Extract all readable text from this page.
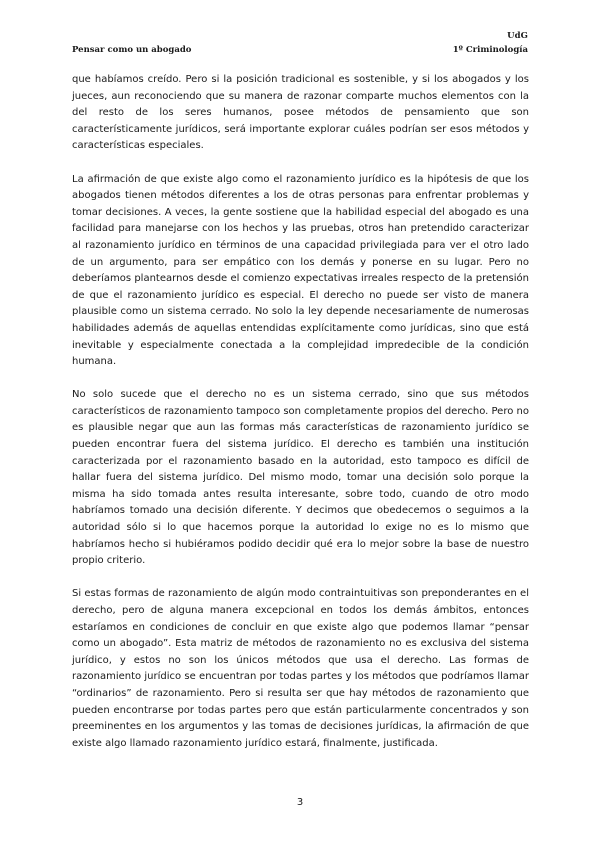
UdG
Pensar como un abogado	1º Criminología

que habíamos creído. Pero si la posición tradicional es sostenible, y si los abogados y los jueces, aun reconociendo que su manera de razonar comparte muchos elementos con la del resto de los seres humanos, posee métodos de pensamiento que son característicamente jurídicos, será importante explorar cuáles podrían ser esos métodos y características especiales.

La afirmación de que existe algo como el razonamiento jurídico es la hipótesis de que los abogados tienen métodos diferentes a los de otras personas para enfrentar problemas y tomar decisiones. A veces, la gente sostiene que la habilidad especial del abogado es una facilidad para manejarse con los hechos y las pruebas, otros han pretendido caracterizar al razonamiento jurídico en términos de una capacidad privilegiada para ver el otro lado de un argumento, para ser empático con los demás y ponerse en su lugar. Pero no deberíamos plantearnos desde el comienzo expectativas irreales respecto de la pretensión de que el razonamiento jurídico es especial. El derecho no puede ser visto de manera plausible como un sistema cerrado. No solo la ley depende necesariamente de numerosas habilidades además de aquellas entendidas explícitamente como jurídicas, sino que está inevitable y especialmente conectada a la complejidad impredecible de la condición humana.

No solo sucede que el derecho no es un sistema cerrado, sino que sus métodos característicos de razonamiento tampoco son completamente propios del derecho. Pero no es plausible negar que aun las formas más características de razonamiento jurídico se pueden encontrar fuera del sistema jurídico. El derecho es también una institución caracterizada por el razonamiento basado en la autoridad, esto tampoco es difícil de hallar fuera del sistema jurídico. Del mismo modo, tomar una decisión solo porque la misma ha sido tomada antes resulta interesante, sobre todo, cuando de otro modo habríamos tomado una decisión diferente. Y decimos que obedecemos o seguimos a la autoridad sólo si lo que hacemos porque la autoridad lo exige no es lo mismo que habríamos hecho si hubiéramos podido decidir qué era lo mejor sobre la base de nuestro propio criterio.

Si estas formas de razonamiento de algún modo contraintuitivas son preponderantes en el derecho, pero de alguna manera excepcional en todos los demás ámbitos, entonces estaríamos en condiciones de concluir en que existe algo que podemos llamar “pensar como un abogado”. Esta matriz de métodos de razonamiento no es exclusiva del sistema jurídico, y estos no son los únicos métodos que usa el derecho. Las formas de razonamiento jurídico se encuentran por todas partes y los métodos que podríamos llamar “ordinarios” de razonamiento. Pero si resulta ser que hay métodos de razonamiento que pueden encontrarse por todas partes pero que están particularmente concentrados y son preeminentes en los argumentos y las tomas de decisiones jurídicas, la afirmación de que existe algo llamado razonamiento jurídico estará, finalmente, justificada.

3
